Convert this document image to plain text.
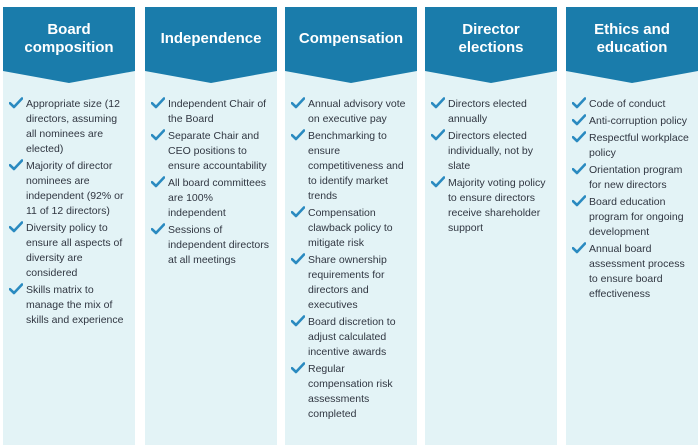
Board composition
Appropriate size (12 directors, assuming all nominees are elected)
Majority of director nominees are independent (92% or 11 of 12 directors)
Diversity policy to ensure all aspects of diversity are considered
Skills matrix to manage the mix of skills and experience
Independence
Independent Chair of the Board
Separate Chair and CEO positions to ensure accountability
All board committees are 100% independent
Sessions of independent directors at all meetings
Compensation
Annual advisory vote on executive pay
Benchmarking to ensure competitiveness and to identify market trends
Compensation clawback policy to mitigate risk
Share ownership requirements for directors and executives
Board discretion to adjust calculated incentive awards
Regular compensation risk assessments completed
Director elections
Directors elected annually
Directors elected individually, not by slate
Majority voting policy to ensure directors receive shareholder support
Ethics and education
Code of conduct
Anti-corruption policy
Respectful workplace policy
Orientation program for new directors
Board education program for ongoing development
Annual board assessment process to ensure board effectiveness
